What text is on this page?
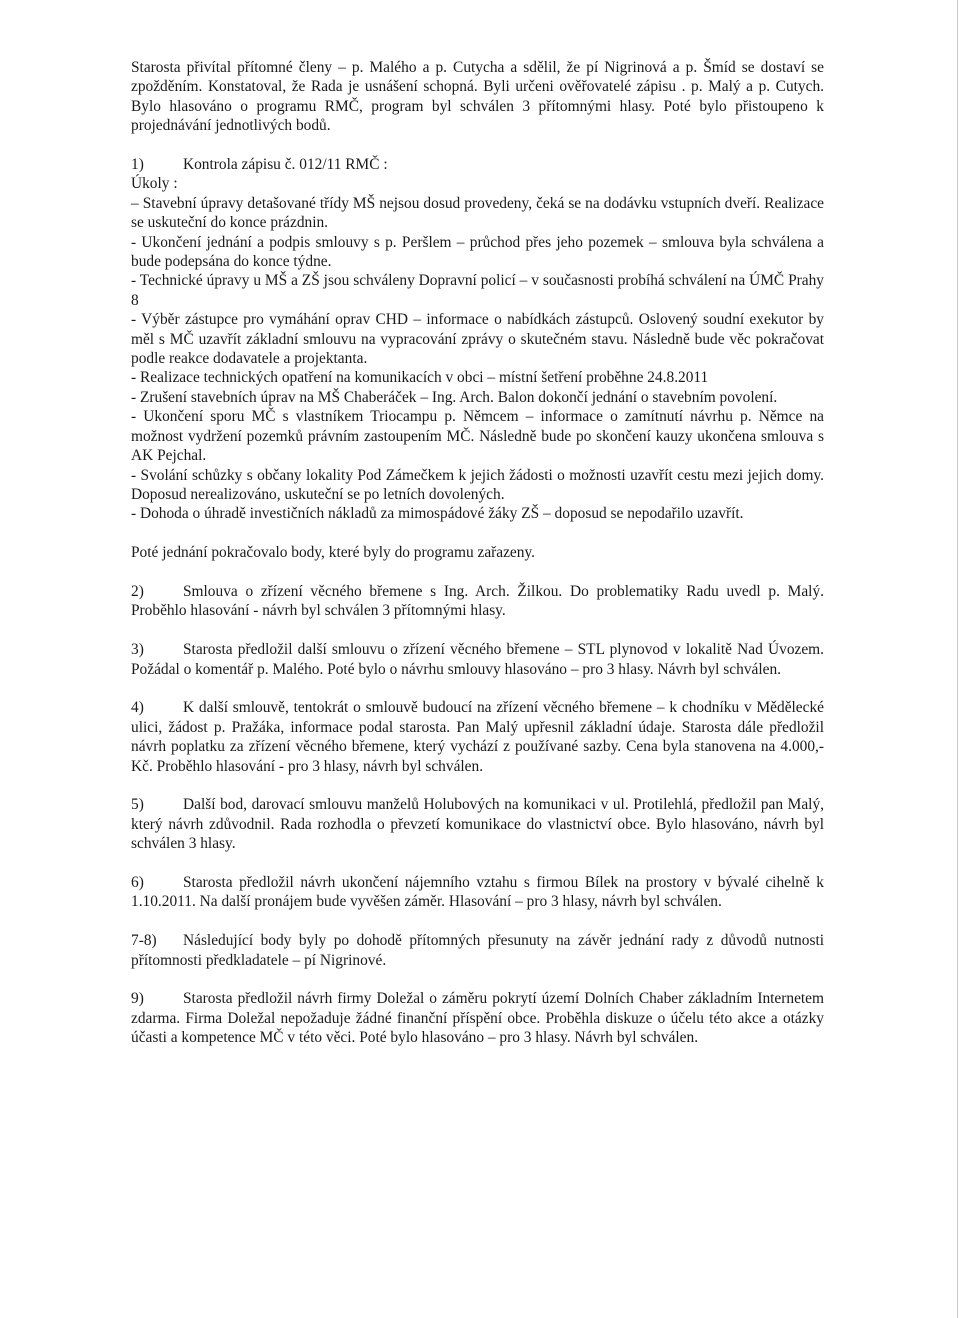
Starosta přivítal přítomné členy – p. Malého a p. Cutycha a sdělil, že pí Nigrinová a p. Šmíd se dostaví se zpožděním. Konstatoval, že Rada je usnášení schopná. Byli určeni ověřovatelé zápisu . p. Malý a p. Cutych. Bylo hlasováno o programu RMČ, program byl schválen 3 přítomnými hlasy. Poté bylo přistoupeno k projednávání jednotlivých bodů.

1)	Kontrola zápisu č. 012/11 RMČ :

Úkoly :

– Stavební úpravy detašované třídy MŠ nejsou dosud provedeny, čeká se na dodávku vstupních dveří. Realizace se uskuteční do konce prázdnin.

- Ukončení jednání a podpis smlouvy s p. Peršlem – průchod přes jeho pozemek – smlouva byla schválena a bude podepsána do konce týdne.

- Technické úpravy u MŠ a ZŠ jsou schváleny Dopravní policí – v současnosti probíhá schválení na ÚMČ Prahy 8

- Výběr zástupce pro vymáhání oprav CHD – informace o nabídkách zástupců. Oslovený soudní exekutor by měl s MČ uzavřít základní smlouvu na vypracování zprávy o skutečném stavu. Následně bude věc pokračovat podle reakce dodavatele a projektanta.

- Realizace technických opatření na komunikacích v obci – místní šetření proběhne 24.8.2011

- Zrušení stavebních úprav na MŠ Chaberáček – Ing. Arch. Balon dokončí jednání o stavebním povolení.

- Ukončení sporu MČ s vlastníkem Triocampu p. Němcem – informace o zamítnutí návrhu p. Němce na možnost vydržení pozemků právním zastoupením MČ. Následně bude po skončení kauzy ukončena smlouva s AK Pejchal.

- Svolání schůzky s občany lokality Pod Zámečkem k jejich žádosti o možnosti uzavřít cestu mezi jejich domy. Doposud nerealizováno, uskuteční se po letních dovolených.

- Dohoda o úhradě investičních nákladů za mimospádové žáky ZŠ – doposud se nepodařilo uzavřít.

Poté jednání pokračovalo body, které byly do programu zařazeny.

2)	Smlouva o zřízení věcného břemene s Ing. Arch. Žilkou. Do problematiky Radu uvedl p. Malý. Proběhlo hlasování - návrh byl schválen 3 přítomnými hlasy.

3)	Starosta předložil další smlouvu o zřízení věcného břemene – STL plynovod v lokalitě Nad Úvozem. Požádal o komentář p. Malého. Poté bylo o návrhu smlouvy hlasováno – pro 3 hlasy. Návrh byl schválen.

4)	K další smlouvě, tentokrát o smlouvě budoucí na zřízení věcného břemene – k chodníku v Mědělecké ulici, žádost p. Pražáka, informace podal starosta. Pan Malý upřesnil základní údaje. Starosta dále předložil návrh poplatku za zřízení věcného břemene, který vychází z používané sazby. Cena byla stanovena na 4.000,- Kč. Proběhlo hlasování - pro 3 hlasy, návrh byl schválen.

5)	Další bod, darovací smlouvu manželů Holubových na komunikaci v ul. Protilehlá, předložil pan Malý, který návrh zdůvodnil. Rada rozhodla o převzetí komunikace do vlastnictví obce. Bylo hlasováno, návrh byl schválen 3 hlasy.

6)	Starosta předložil návrh ukončení nájemního vztahu s firmou Bílek na prostory v bývalé cihelně k 1.10.2011. Na další pronájem bude vyvěšen záměr. Hlasování – pro 3 hlasy, návrh byl schválen.

7-8) Následující body byly po dohodě přítomných přesunuty na závěr jednání rady z důvodů nutnosti přítomnosti předkladatele – pí Nigrinové.

9)	Starosta předložil návrh firmy Doležal o záměru pokrytí území Dolních Chaber základním Internetem zdarma. Firma Doležal nepožaduje žádné finanční příspění obce. Proběhla diskuze o účelu této akce a otázky účasti a kompetence MČ v této věci. Poté bylo hlasováno – pro 3 hlasy. Návrh byl schválen.
